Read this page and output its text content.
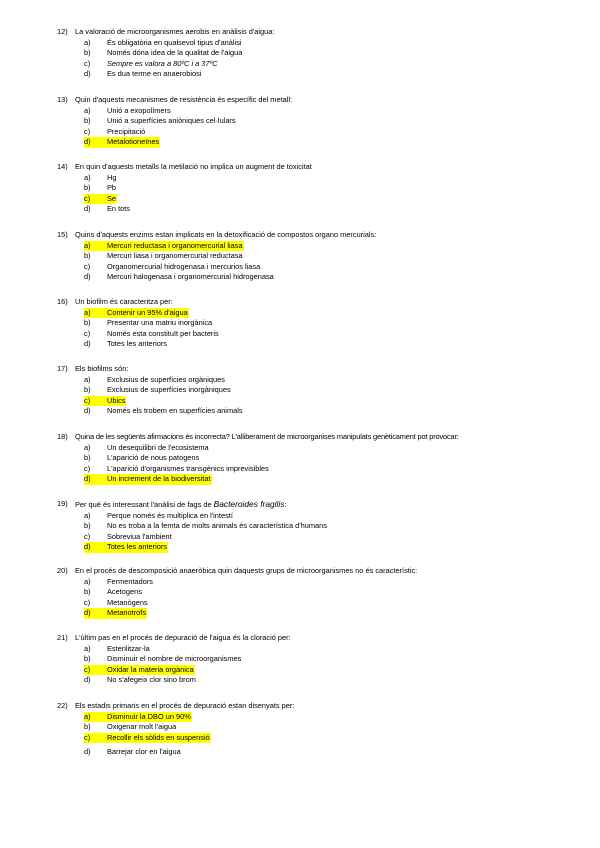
12) La valoració de microorganismes aerobis en anàlisis d'aigua:
a)	És obligatòria en qualsevol tipus d'anàlisi
b)	Només dóna idea de la qualitat de l'aigua
c)	Sempre es valora a 80ºC i a 37ºC
d)	Es dua terme en anaerobiosi
13) Quin d'aquests mecanismes de resistència és específic del metall:
a)	Unió a exopolímers
b)	Unió a superfícies aniòniques cel·lulars
c)	Precipitació
d)	Metalotioneïnes
14) En quin d'aquests metalls la metilació no implica un augment de toxicitat
a)	Hg
b)	Pb
c)	Se
d)	En tots
15) Quins d'aquests enzims estan implicats en la detoxificació de compostos organo mercurials:
a)	Mercuri reductasa i organomercurial liasa
b)	Mercuri liasa i organomercurial reductasa
c)	Organomercurial hidrogenasa i mercurios liasa
d)	Mercuri halogenasa i organomercurial hidrogenasa
16) Un biofilm és caracteritza per:
a)	Contenir un 95% d'aigua
b)	Presentar una matriu inorgànica
c)	Només esta constituït per bacteris
d)	Totes les anteriors
17) Els biofilms són:
a)	Exclusius de superfícies orgàniques
b)	Exclusius de superfícies inorgàniques
c)	Ubics
d)	Només els trobem en superfícies animals
18) Quina de les següents afirmacions és incorrecta? L'alliberament de microorganises manipulats genèticament pot provocar:
a)	Un desequilibri de l'ecosistema
b)	L'aparició de nous patogens
c)	L'aparició d'organismes transgènics imprevisibles
d)	Un increment de la biodiversitat
19) Per què és interessant l'anàlisi de fags de Bacteroides fragilis:
a)	Perque només és multiplica en l'intestí
b)	No es troba a la femta de molts animals és característica d'humans
c)	Sobreviua l'ambient
d)	Totes les anteriors
20) En el procés de descomposició anaeròbica quin daquests grups de microorganismes no és característic:
a)	Fermentadors
b)	Acetogens
c)	Metanògens
d)	Metanotrofs
21) L'últim pas en el procés de depuració de l'aigua és la cloració per:
a)	Esterilitzar-la
b)	Disminuir el nombre de microorganismes
c)	Oxidar la materia orgànica
d)	No s'afegeix clor sino brom
22) Els estadis primaris en el procés de depuració estan disenyats per:
a)	Disminuir la DBO un 90%
b)	Oxigenar molt l'aigua
c)	Recollir els sòlids en suspensió
d)	Barrejar clor en l'aigua
